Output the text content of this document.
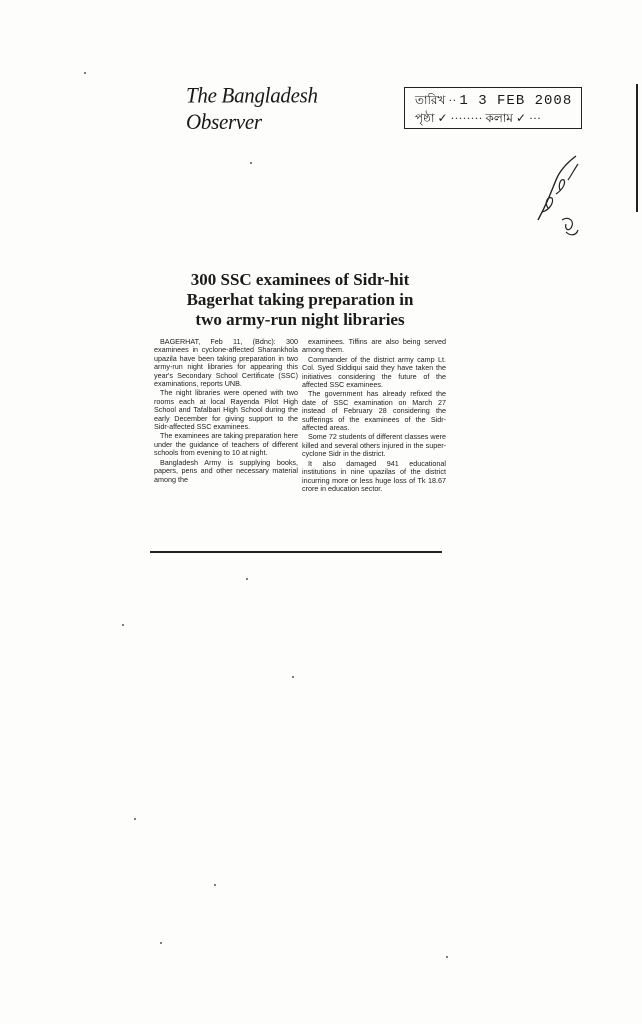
The Bangladesh Observer
তারিখ ·· 1 3 FEB 2008
পৃষ্ঠা ✓ ········ কলাম ✓ ···
300 SSC examinees of Sidr-hit
Bagerhat taking preparation in
two army-run night libraries

BAGERHAT, Feb 11, (Bdnc): 300 examinees in cyclone-affected Sharankhola upazila have been taking preparation in two army-run night libraries for appearing this year's Secondary School Certificate (SSC) examinations, reports UNB.

The night libraries were opened with two rooms each at local Rayenda Pilot High School and Tafalbari High School during the early December for giving support to the Sidr-affected SSC examinees.

The examinees are taking preparation here under the guidance of teachers of different schools from evening to 10 at night.

Bangladesh Army is supplying books, papers, pens and other necessary material among the

examinees. Tiffins are also being served among them.

Commander of the district army camp Lt. Col. Syed Siddiqui said they have taken the initiatives considering the future of the affected SSC examinees.

The government has already refixed the date of SSC examination on March 27 instead of February 28 considering the sufferings of the examinees of the Sidr-affected areas.

Some 72 students of different classes were killed and several others injured in the super-cyclone Sidr in the district.

It also damaged 941 educational institutions in nine upazilas of the district incurring more or less huge loss of Tk 18.67 crore in education sector.
